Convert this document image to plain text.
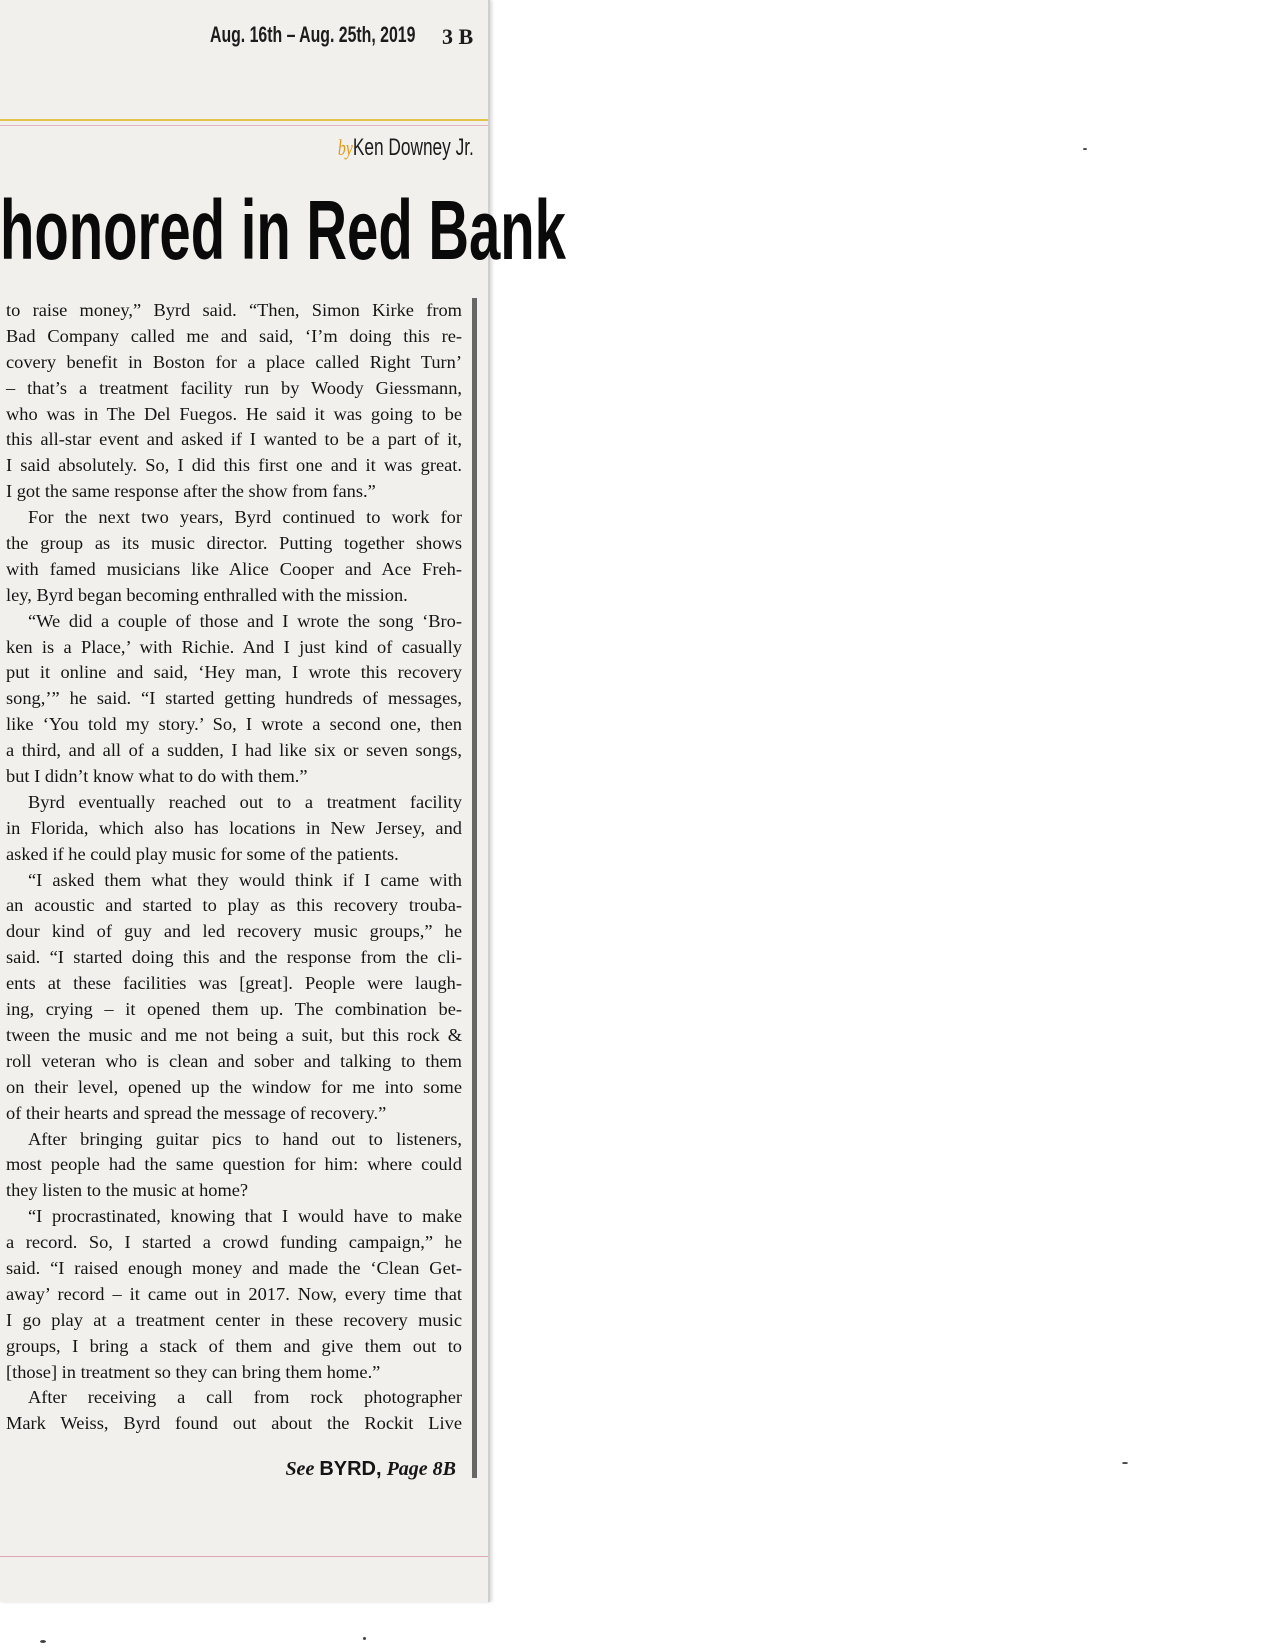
Aug. 16th – Aug. 25th, 2019 3 B
byKen Downey Jr.
honored in Red Bank
to raise money,” Byrd said. “Then, Simon Kirke from
Bad Company called me and said, ‘I’m doing this re-
covery benefit in Boston for a place called Right Turn’
– that’s a treatment facility run by Woody Giessmann,
who was in The Del Fuegos. He said it was going to be
this all-star event and asked if I wanted to be a part of it,
I said absolutely. So, I did this first one and it was great.
I got the same response after the show from fans.”
For the next two years, Byrd continued to work for
the group as its music director. Putting together shows
with famed musicians like Alice Cooper and Ace Freh-
ley, Byrd began becoming enthralled with the mission.
“We did a couple of those and I wrote the song ‘Bro-
ken is a Place,’ with Richie. And I just kind of casually
put it online and said, ‘Hey man, I wrote this recovery
song,’” he said. “I started getting hundreds of messages,
like ‘You told my story.’ So, I wrote a second one, then
a third, and all of a sudden, I had like six or seven songs,
but I didn’t know what to do with them.”
Byrd eventually reached out to a treatment facility
in Florida, which also has locations in New Jersey, and
asked if he could play music for some of the patients.
“I asked them what they would think if I came with
an acoustic and started to play as this recovery trouba-
dour kind of guy and led recovery music groups,” he
said. “I started doing this and the response from the cli-
ents at these facilities was [great]. People were laugh-
ing, crying – it opened them up. The combination be-
tween the music and me not being a suit, but this rock &
roll veteran who is clean and sober and talking to them
on their level, opened up the window for me into some
of their hearts and spread the message of recovery.”
After bringing guitar pics to hand out to listeners,
most people had the same question for him: where could
they listen to the music at home?
“I procrastinated, knowing that I would have to make
a record. So, I started a crowd funding campaign,” he
said. “I raised enough money and made the ‘Clean Get-
away’ record – it came out in 2017. Now, every time that
I go play at a treatment center in these recovery music
groups, I bring a stack of them and give them out to
[those] in treatment so they can bring them home.”
After receiving a call from rock photographer
Mark Weiss, Byrd found out about the Rockit Live
See BYRD, Page 8B
